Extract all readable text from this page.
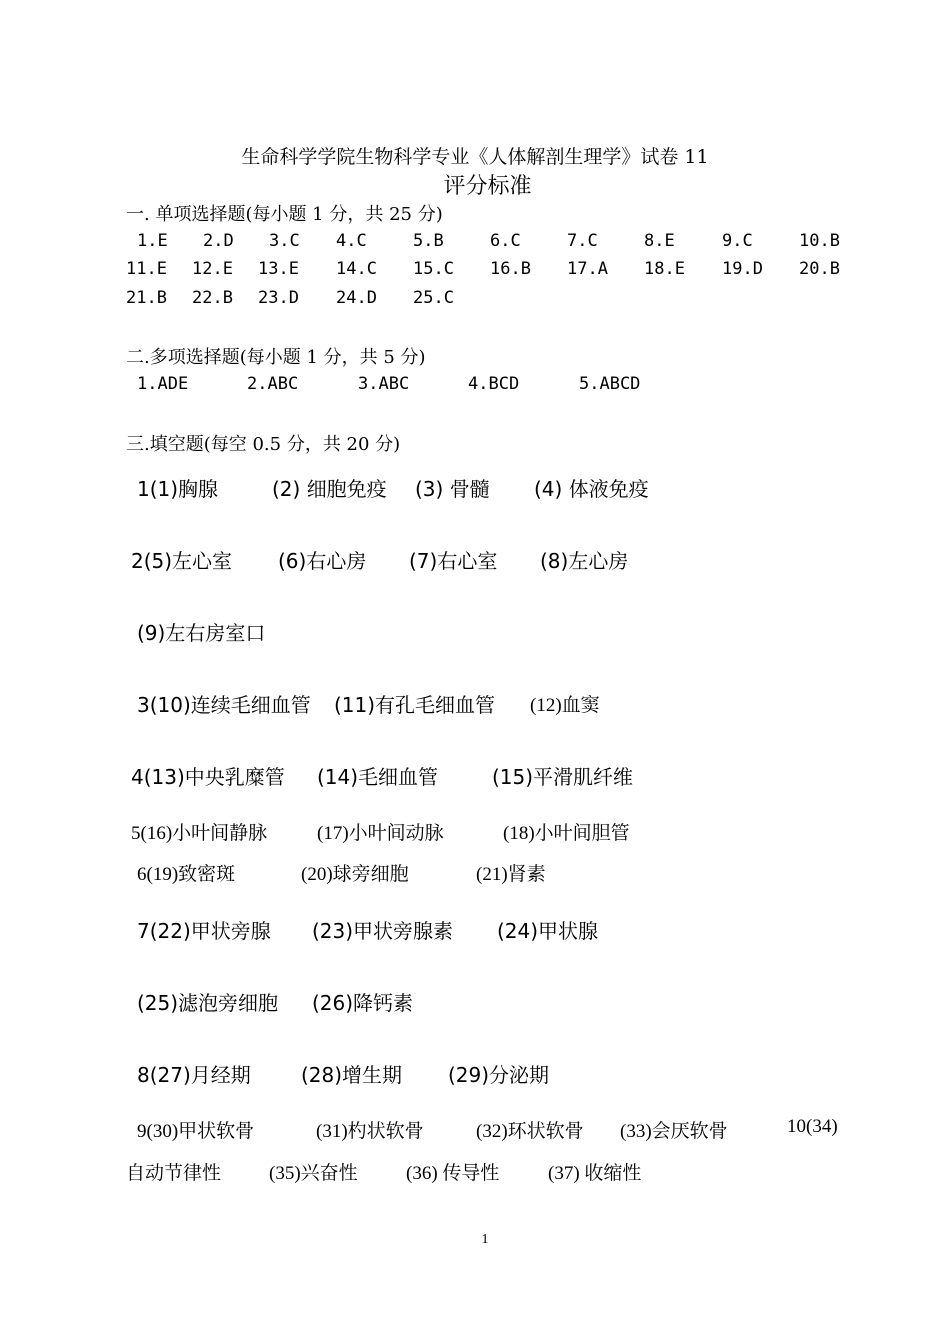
生命科学学院生物科学专业《人体解剖生理学》试卷 11
评分标准
一. 单项选择题(每小题 1 分，共 25 分)
1.E 2.D 3.C 4.C	5.B	6.C	7.C	8.E	9.C	10.B
11.E 12.E 13.E 14.C 15.C 16.B 17.A 18.E 19.D 20.B
21.B 22.B 23.D 24.D 25.C
二.多项选择题(每小题 1 分，共 5 分)
1.ADE	2.ABC	3.ABC	4.BCD	5.ABCD
三.填空题(每空 0.5 分，共 20 分)
1(1)胸腺	(2) 细胞免疫 (3) 骨髓 (4) 体液免疫
2(5)左心室 (6)右心房 (7)右心室 (8)左心房
(9)左右房室口
3(10)连续毛细血管 (11)有孔毛细血管 (12)血窦
4(13)中央乳糜管 (14)毛细血管	(15)平滑肌纤维
5(16)小叶间静脉	(17)小叶间动脉	(18)小叶间胆管
6(19)致密斑	(20)球旁细胞	(21)肾素
7(22)甲状旁腺 (23)甲状旁腺素 (24)甲状腺
(25)滤泡旁细胞 (26)降钙素
8(27)月经期	(28)增生期 (29)分泌期
9(30)甲状软骨	(31)杓状软骨	(32)环状软骨 (33)会厌软骨	10(34)
自动节律性	(35)兴奋性	(36) 传导性	(37) 收缩性
1
